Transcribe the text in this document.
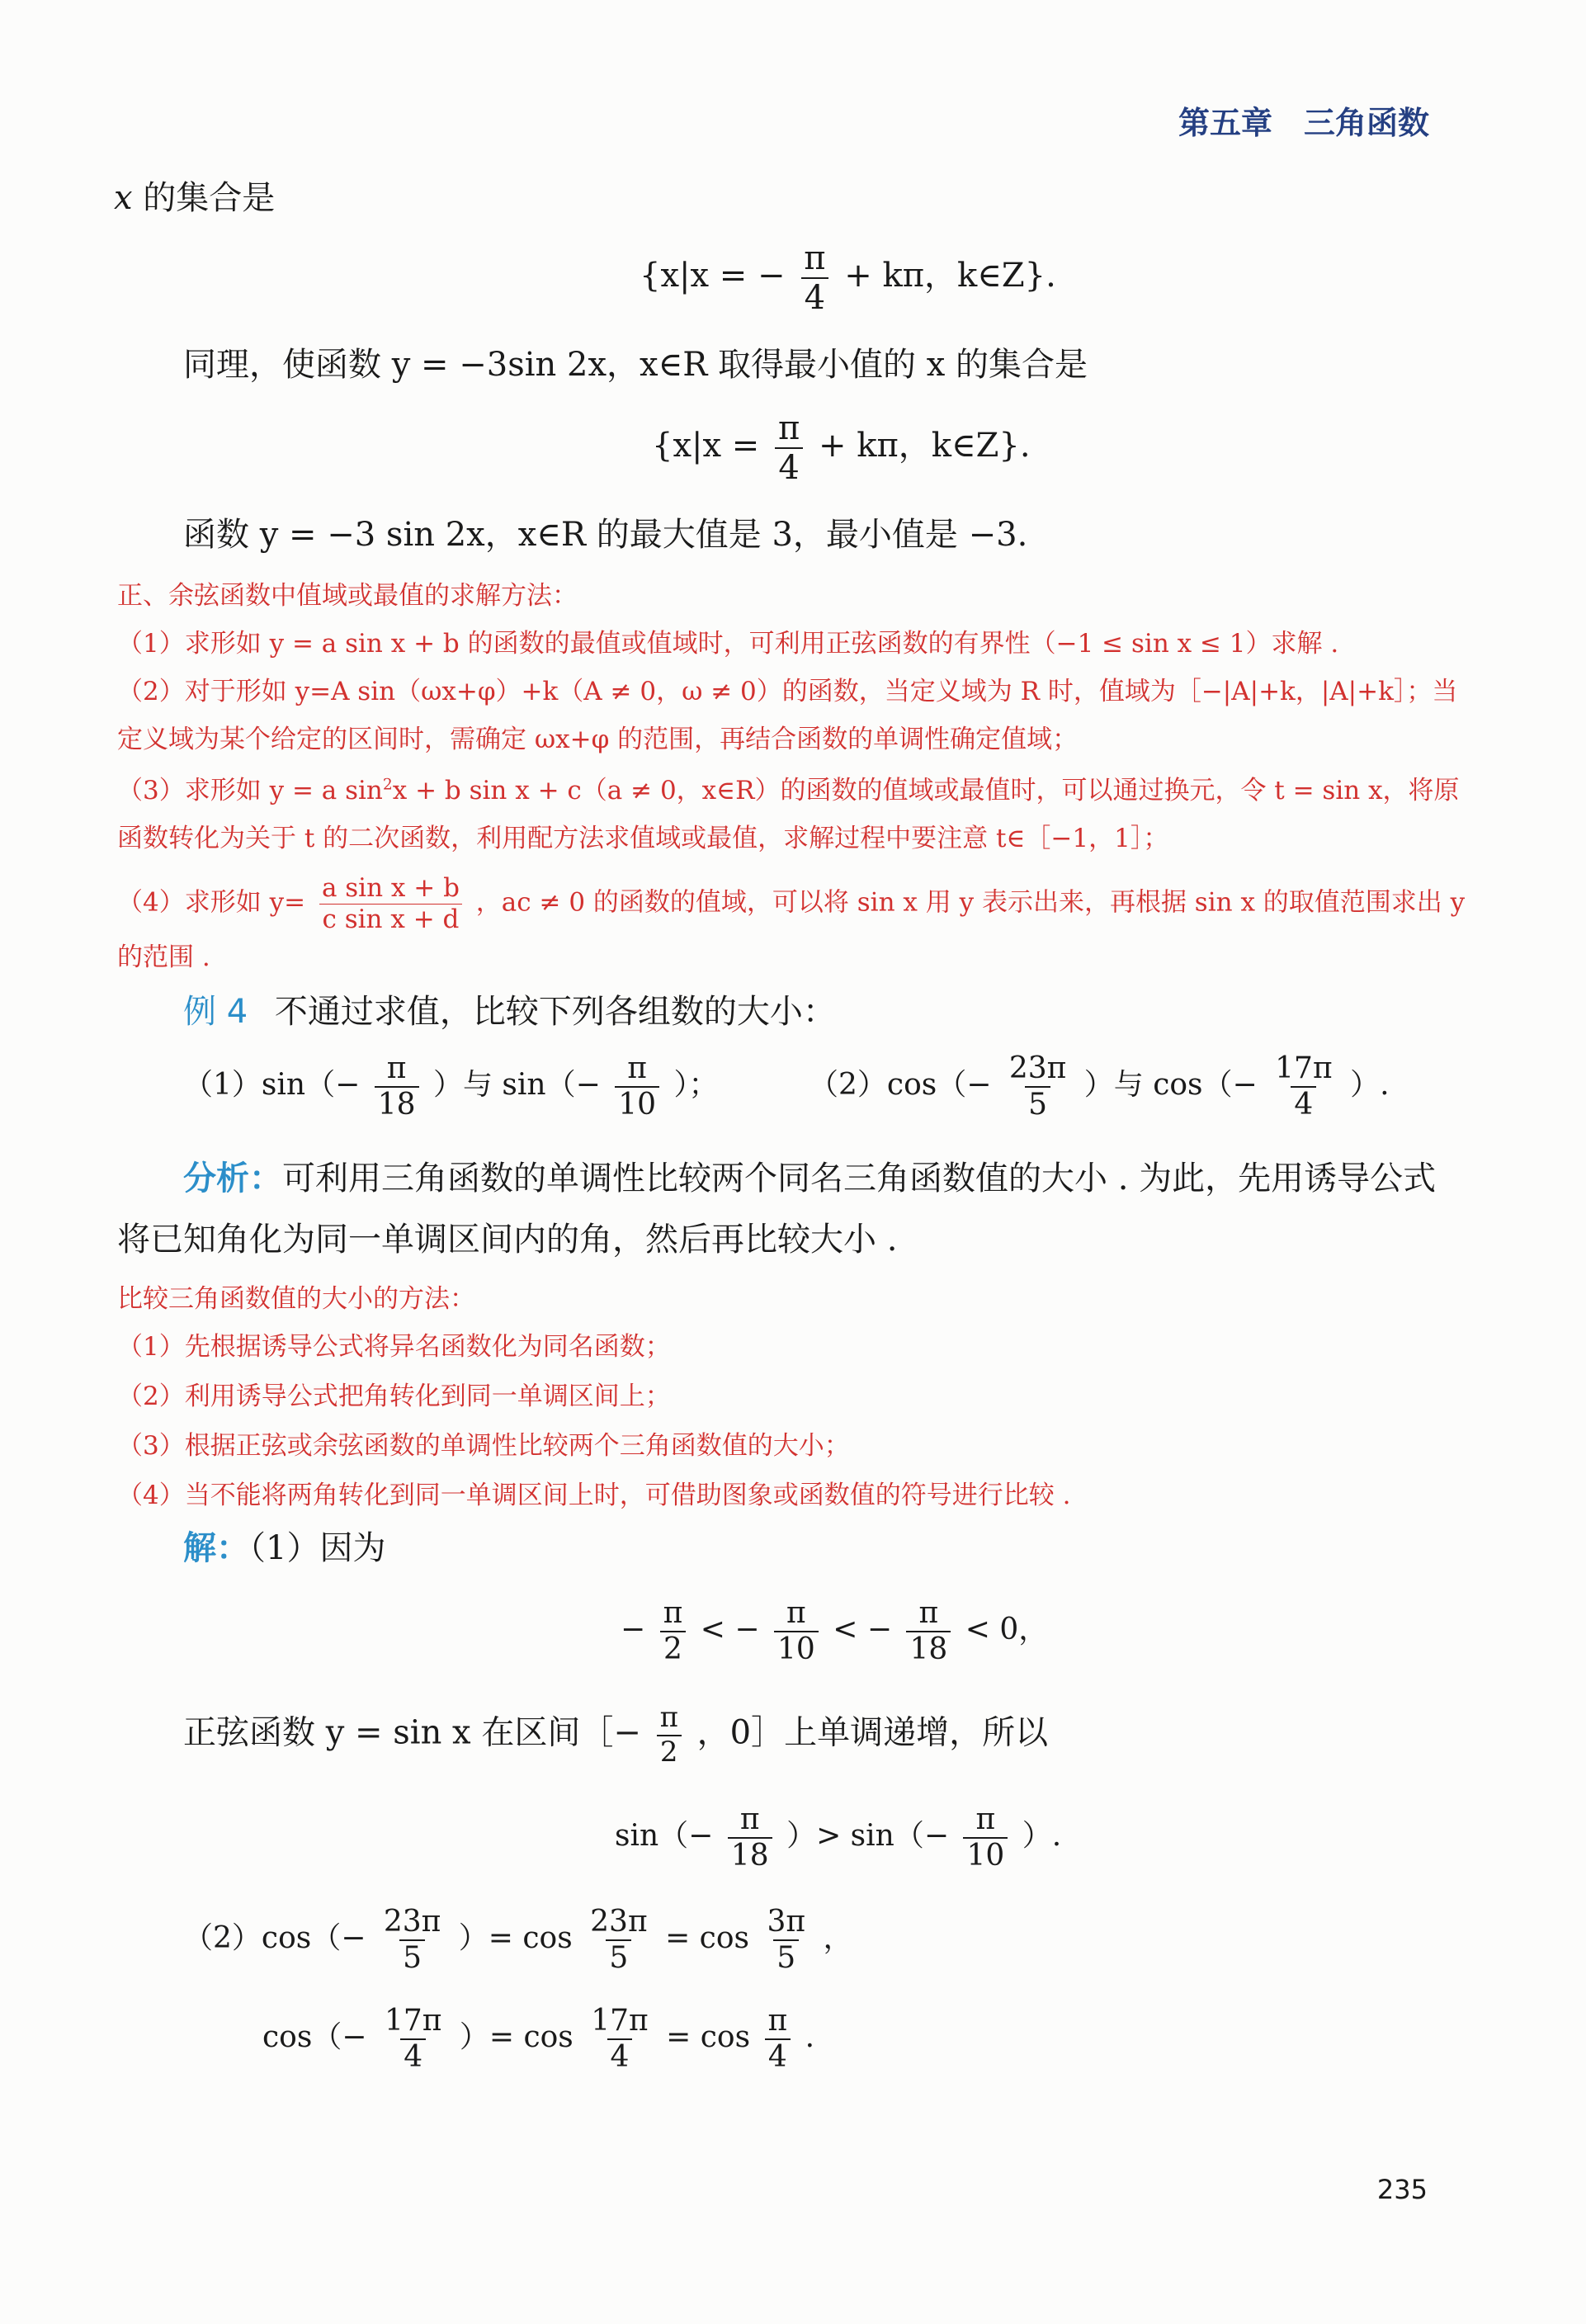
第五章　三角函数
x 的集合是
{x|x = − $\frac{\pi}{4} + k\pi$，k∈Z}.
同理，使函数 y = −3sin 2x，x∈R 取得最小值的 x 的集合是
{$x|x = \frac{\pi}{4} + k\pi$，k∈Z}.
函数 y = −3 sin 2x，x∈R 的最大值是 3，最小值是 −3.
正、余弦函数中值域或最值的求解方法：
（1）求形如 y = a sin x + b 的函数的最值或值域时，可利用正弦函数的有界性（−1 ≤ sin x ≤ 1）求解 .
（2）对于形如 y=A sin（ωx+φ）+k（A ≠ 0，ω ≠ 0）的函数，当定义域为 R 时，值域为［−|A|+k，|A|+k］；当
定义域为某个给定的区间时，需确定 ωx+φ 的范围，再结合函数的单调性确定值域；
（3）求形如 y = a $\sin^2x + b$ sin x + c（a ≠ 0，x∈R）的函数的值域或最值时，可以通过换元，令 t = sin x，将原
函数转化为关于 t 的二次函数，利用配方法求值域或最值，求解过程中要注意 t∈［−1，1］；
（4）求形如 $y= \frac{\text{a sin x + b}}{\text{c sin x + d}}$ ，ac ≠ 0 的函数的值域，可以将 sin x 用 y 表示出来，再根据 sin x 的取值范围求出 y
的范围 .
例 4 不通过求值，比较下列各组数的大小：
$(1)\sin(- \frac{\pi}{18}$ ）与 $\sin(- \frac{\pi}{10}$ ）；	$(2)\cos(- \frac{23\pi}{5}$ ）与 $\cos(- \frac{17\pi}{4}$ ）.
分析：可利用三角函数的单调性比较两个同名三角函数值的大小 . 为此，先用诱导公式
将已知角化为同一单调区间内的角，然后再比较大小 .
比较三角函数值的大小的方法：
（1）先根据诱导公式将异名函数化为同名函数；
（2）利用诱导公式把角转化到同一单调区间上；
（3）根据正弦或余弦函数的单调性比较两个三角函数值的大小；
（4）当不能将两角转化到同一单调区间上时，可借助图象或函数值的符号进行比较 .
解：（1）因为
− $\frac{\pi}{2}$ < − $\frac{\pi}{10}$ < − $\frac{\pi}{18} < 0$，
正弦函数 y = sin x 在区间［− $\frac{\pi}{2}$ ，0］上单调递增，所以
$\sin(- \frac{\pi}{18}$ ）> $\sin(- \frac{\pi}{10}$ ）.
$(2)\cos(- \frac{23\pi}{5}$ ）= $\cos \frac{23\pi}{5} = \cos \frac{3\pi}{5}$ ，
$\cos(- \frac{17\pi}{4}$ ）= $\cos \frac{17\pi}{4} = \cos \frac{\pi}{4}$ .
235
